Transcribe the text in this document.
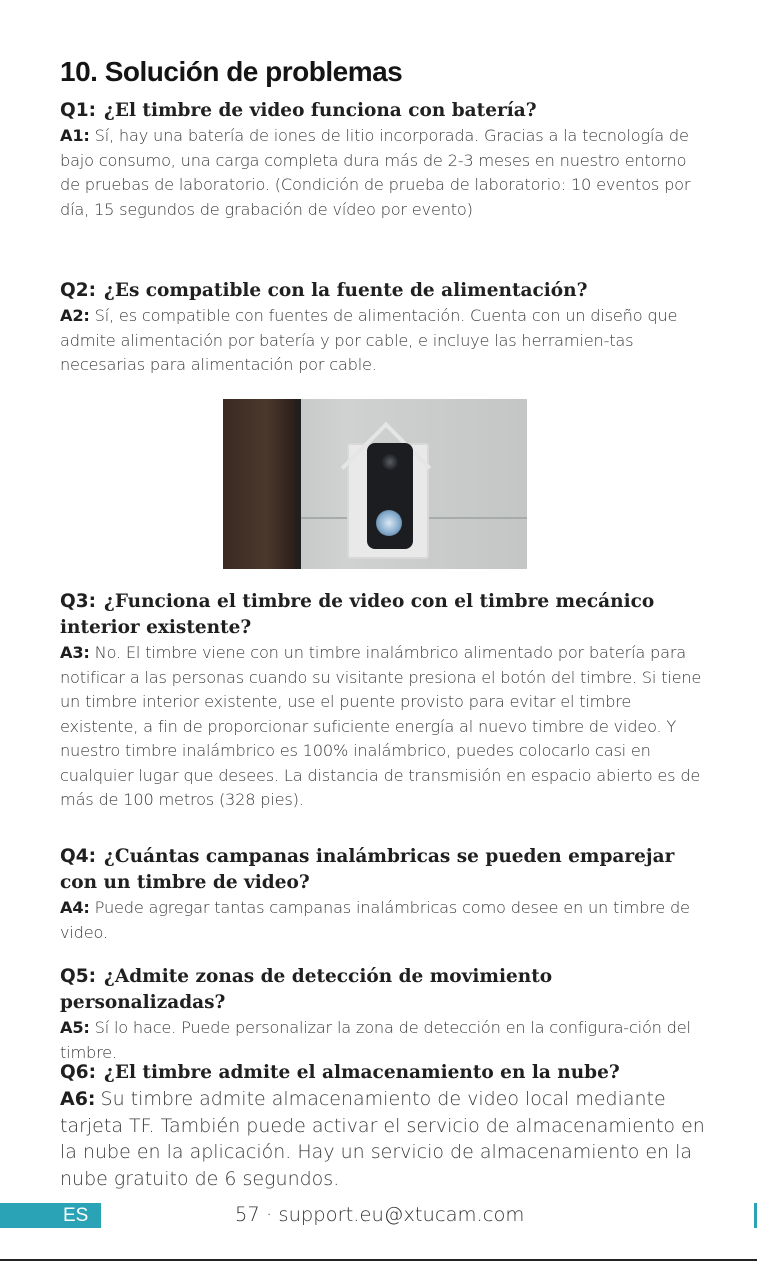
10. Solución de problemas

Q1: ¿El timbre de video funciona con batería?

A1: Sí, hay una batería de iones de litio incorporada. Gracias a la tecnología de bajo consumo, una carga completa dura más de 2-3 meses en nuestro entorno de pruebas de laboratorio. (Condición de prueba de laboratorio: 10 eventos por día, 15 segundos de grabación de vídeo por evento)

Q2: ¿Es compatible con la fuente de alimentación?

A2: Sí, es compatible con fuentes de alimentación. Cuenta con un diseño que admite alimentación por batería y por cable, e incluye las herramien-tas necesarias para alimentación por cable.

Q3: ¿Funciona el timbre de video con el timbre mecánico interior existente?

A3: No. El timbre viene con un timbre inalámbrico alimentado por batería para notificar a las personas cuando su visitante presiona el botón del timbre. Si tiene un timbre interior existente, use el puente provisto para evitar el timbre existente, a fin de proporcionar suficiente energía al nuevo timbre de video. Y nuestro timbre inalámbrico es 100% inalámbrico, puedes colocarlo casi en cualquier lugar que desees. La distancia de transmisión en espacio abierto es de más de 100 metros (328 pies).

Q4: ¿Cuántas campanas inalámbricas se pueden emparejar con un timbre de video?

A4: Puede agregar tantas campanas inalámbricas como desee en un timbre de video.

Q5: ¿Admite zonas de detección de movimiento personalizadas?

A5: Sí lo hace. Puede personalizar la zona de detección en la configura-ción del timbre.

Q6: ¿El timbre admite el almacenamiento en la nube?

A6: Su timbre admite almacenamiento de video local mediante tarjeta TF. También puede activar el servicio de almacenamiento en la nube en la aplicación. Hay un servicio de almacenamiento en la nube gratuito de 6 segundos.

ES	57 · support.eu@xtucam.com
